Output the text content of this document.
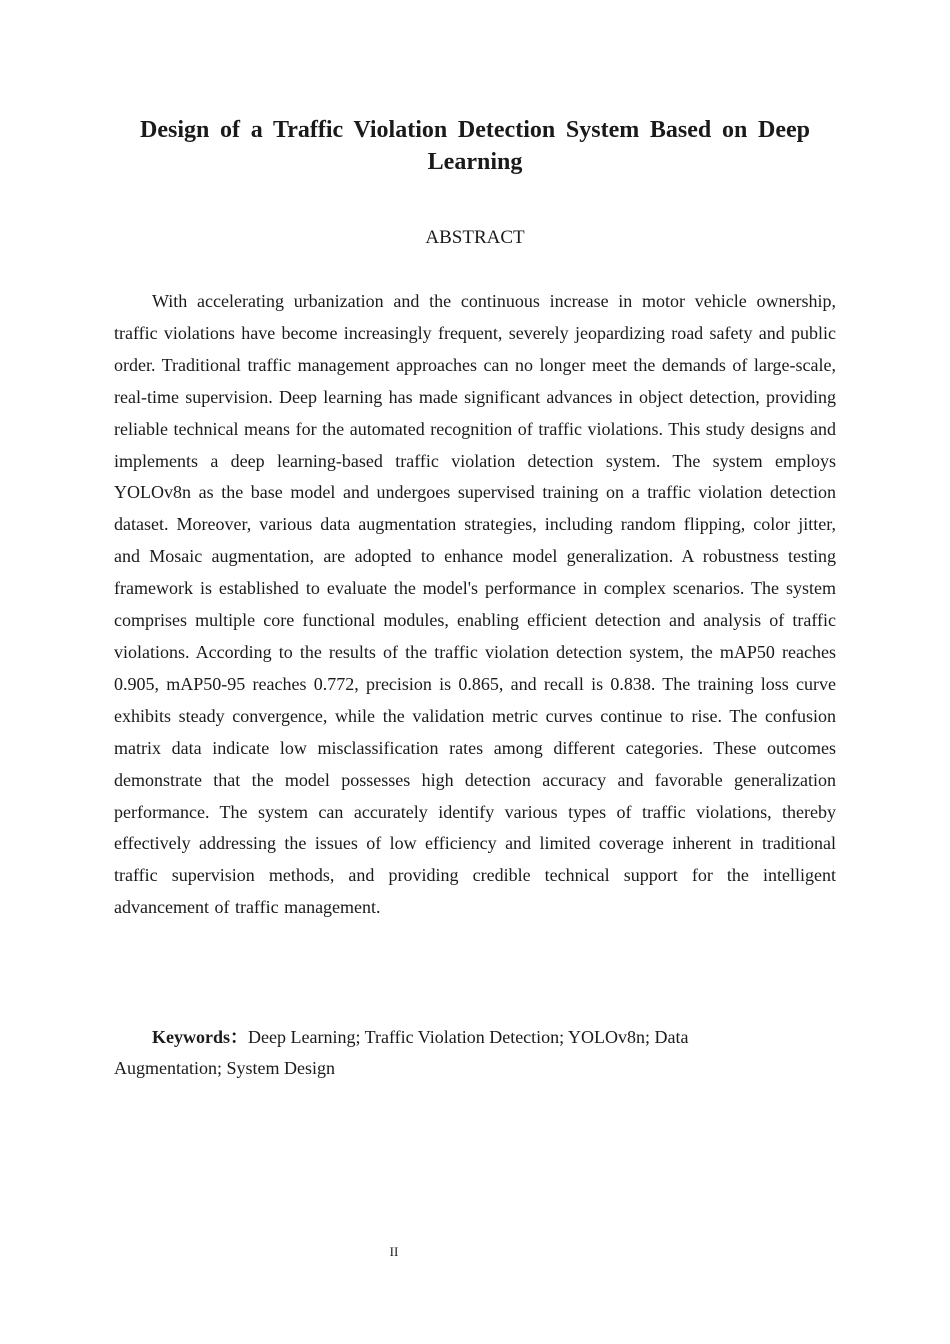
Design of a Traffic Violation Detection System Based on Deep Learning
ABSTRACT

With accelerating urbanization and the continuous increase in motor vehicle ownership, traffic violations have become increasingly frequent, severely jeopardizing road safety and public order. Traditional traffic management approaches can no longer meet the demands of large-scale, real-time supervision. Deep learning has made significant advances in object detection, providing reliable technical means for the automated recognition of traffic violations. This study designs and implements a deep learning-based traffic violation detection system. The system employs YOLOv8n as the base model and undergoes supervised training on a traffic violation detection dataset. Moreover, various data augmentation strategies, including random flipping, color jitter, and Mosaic augmentation, are adopted to enhance model generalization. A robustness testing framework is established to evaluate the model's performance in complex scenarios. The system comprises multiple core functional modules, enabling efficient detection and analysis of traffic violations. According to the results of the traffic violation detection system, the mAP50 reaches 0.905, mAP50-95 reaches 0.772, precision is 0.865, and recall is 0.838. The training loss curve exhibits steady convergence, while the validation metric curves continue to rise. The confusion matrix data indicate low misclassification rates among different categories. These outcomes demonstrate that the model possesses high detection accuracy and favorable generalization performance. The system can accurately identify various types of traffic violations, thereby effectively addressing the issues of low efficiency and limited coverage inherent in traditional traffic supervision methods, and providing credible technical support for the intelligent advancement of traffic management.

Keywords：Deep Learning; Traffic Violation Detection; YOLOv8n; Data Augmentation; System Design

II
